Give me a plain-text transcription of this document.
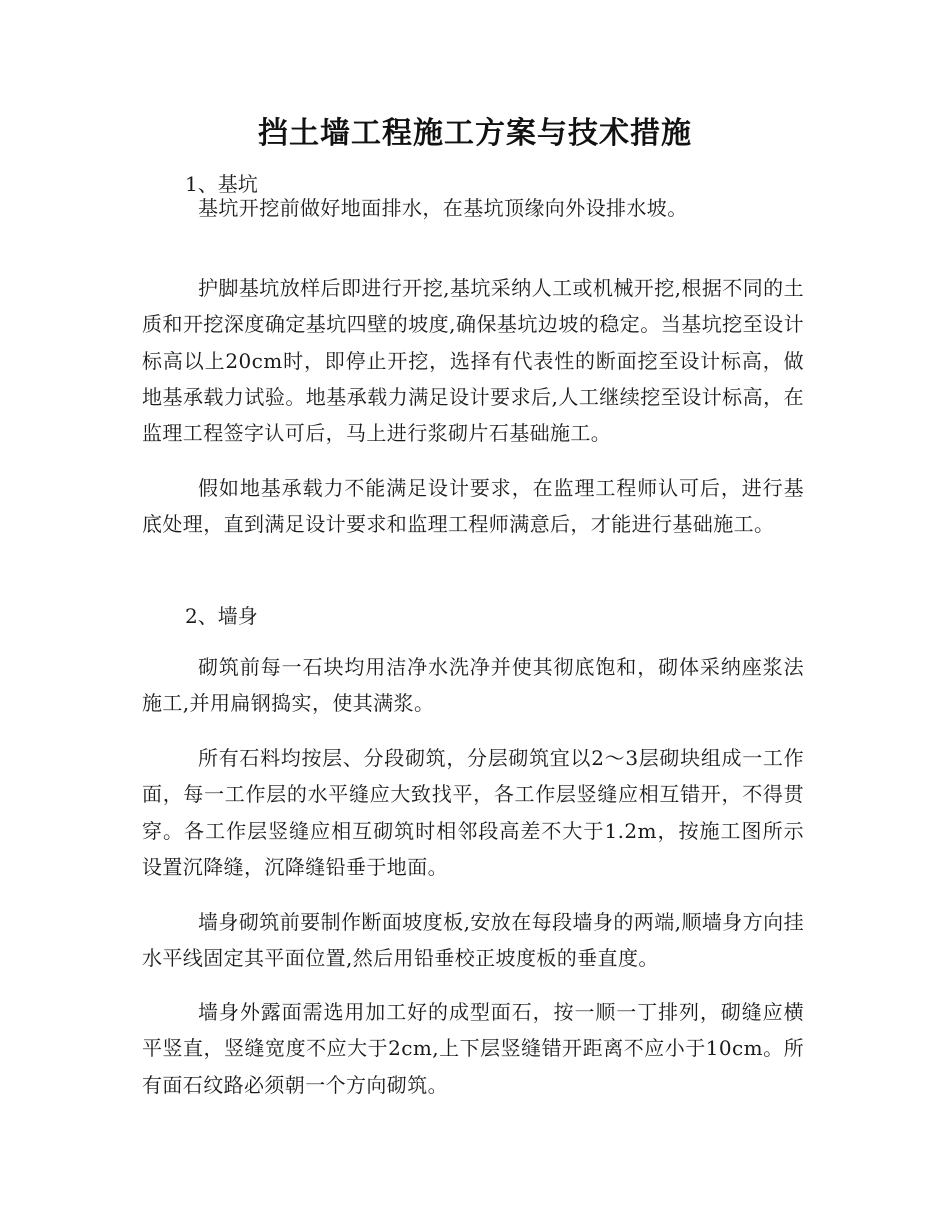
挡土墙工程施工方案与技术措施

1、基坑

基坑开挖前做好地面排水，在基坑顶缘向外设排水坡。

护脚基坑放样后即进行开挖,基坑采纳人工或机械开挖,根据不同的土质和开挖深度确定基坑四壁的坡度,确保基坑边坡的稳定。当基坑挖至设计标高以上20cm时，即停止开挖，选择有代表性的断面挖至设计标高，做地基承载力试验。地基承载力满足设计要求后,人工继续挖至设计标高，在监理工程签字认可后，马上进行浆砌片石基础施工。

假如地基承载力不能满足设计要求，在监理工程师认可后，进行基底处理，直到满足设计要求和监理工程师满意后，才能进行基础施工。

2、墙身

砌筑前每一石块均用洁净水洗净并使其彻底饱和，砌体采纳座浆法施工,并用扁钢捣实，使其满浆。

所有石料均按层、分段砌筑，分层砌筑宜以2～3层砌块组成一工作面，每一工作层的水平缝应大致找平，各工作层竖缝应相互错开，不得贯穿。各工作层竖缝应相互砌筑时相邻段高差不大于1.2m，按施工图所示设置沉降缝，沉降缝铅垂于地面。

墙身砌筑前要制作断面坡度板,安放在每段墙身的两端,顺墙身方向挂水平线固定其平面位置,然后用铅垂校正坡度板的垂直度。

墙身外露面需选用加工好的成型面石，按一顺一丁排列，砌缝应横平竖直，竖缝宽度不应大于2cm,上下层竖缝错开距离不应小于10cm。所有面石纹路必须朝一个方向砌筑。
